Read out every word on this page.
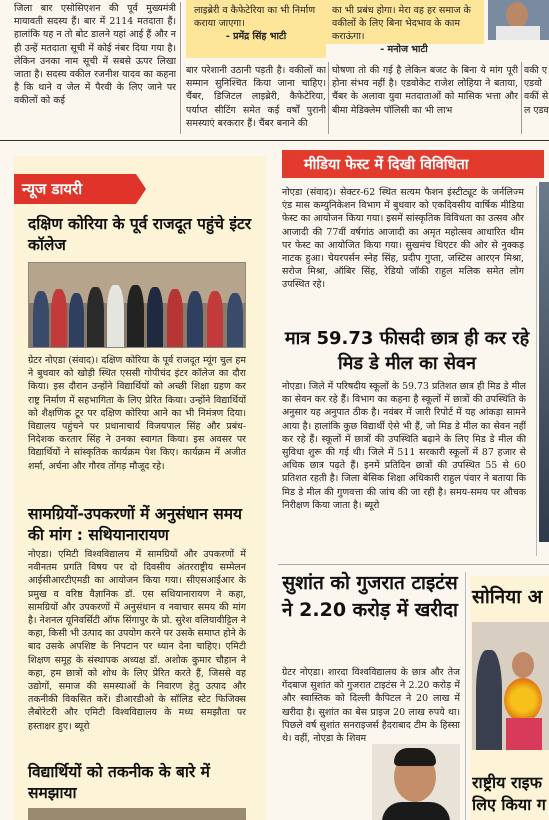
जिला बार एसोसिएशन की पूर्व मुख्यमंत्री मायावती सदस्य हैं। बार में 2114 मतदाता हैं। हालांकि यह न तो बोट डालने यहां आई हैं और न ही उन्हें मतदाता सूची में कोई नंबर दिया गया है। लेकिन उनका नाम सूची में सबसे ऊपर लिखा जाता है। सदस्य वकील रजनीश यादव का कहना है कि थाने व जेल में पैरवी के लिए जाने पर वकीलों को कई
लाइब्रेरी व कैफेटेरिया का भी निर्माण कराया जाएगा।
- प्रमेंद्र सिंह भाटी
का भी प्रबंध होगा। मेरा वह हर समाज के वकीलों के लिए बिना भेदभाव के काम कराऊंगा।
- मनोज भाटी
बार परेशानी उठानी पड़ती है। वकीलों का सम्मान सुनिश्चित किया जाना चाहिए। चैंबर, डिजिटल लाइब्रेरी, कैफेटेरिया, पर्याप्त सीटिंग समेत कई वर्षों पुरानी समस्याएं बरकरार हैं। चैंबर बनाने की
घोषणा तो की गई है लेकिन बजट के बिना ये मांग पूरी होना संभव नहीं है। एडवोकेट राजेश लोहिया ने बताया, चैंबर के अलावा युवा मतदाताओं को मासिक भत्ता और बीमा मेडिक्लेम पॉलिसी का भी लाभ
वकी ए एडवो वकीं से ल एडव
न्यूज डायरी
दक्षिण कोरिया के पूर्व राजदूत पहुंचे इंटर कॉलेज
ग्रेटर नोएडा (संवाद)। दक्षिण कोरिया के पूर्व राजदूत म्यूंग चुल हम ने बुधवार को खोड़ी स्थित एससी गोपीचंद इंटर कॉलेज का दौरा किया। इस दौरान उन्होंने विद्यार्थियों को अच्छी शिक्षा ग्रहण कर राष्ट्र निर्माण में सहभागिता के लिए प्रेरित किया। उन्होंने विद्यार्थियों को शैक्षणिक टूर पर दक्षिण कोरिया आने का भी निमंत्रण दिया। विद्यालय पहुंचने पर प्रधानाचार्य विजयपाल सिंह और प्रबंध-निदेशक करतार सिंह ने उनका स्वागत किया। इस अवसर पर विद्यार्थियों ने सांस्कृतिक कार्यक्रम पेश किए। कार्यक्रम में अजीत शर्मा, अर्चना और गौरव तोंगड़ मौजूद रहे।
सामग्रियों-उपकरणों में अनुसंधान समय की मांग : सथियानारायण
नोएडा। एमिटी विश्वविद्यालय में सामग्रियों और उपकरणों में नवीनतम प्रगति विषय पर दो दिवसीय अंतरराष्ट्रीय सम्मेलन आईसीआरटीएमडी का आयोजन किया गया। सीएसआईआर के प्रमुख व वरिष्ठ वैज्ञानिक डॉ. एस सथियानारायण ने कहा, सामग्रियों और उपकरणों में अनुसंधान व नवाचार समय की मांग है। नेशनल यूनिवर्सिटी ऑफ सिंगापुर के प्रो. सुरेश वलियावीट्टिल ने कहा, किसी भी उत्पाद का उपयोग करने पर उसके समाप्त होने के बाद उसके अपशिष्ट के निपटान पर ध्यान देना चाहिए। एमिटी शिक्षण समूह के संस्थापक अध्यक्ष डॉ. अशोक कुमार चौहान ने कहा, हम छात्रों को शोध के लिए प्रेरित करते हैं, जिससे वह उद्योगों, समाज की समस्याओं के निवारण हेतु उत्पाद और तकनीकी विकसित करें। डीआरडीओ के सॉलिड स्टेट फिजिक्स लैबोरेटरी और एमिटी विश्वविद्यालय के मध्य समझौता पर हस्ताक्षर हुए। ब्यूरो
विद्यार्थियों को तकनीक के बारे में समझाया
मीडिया फेस्ट में दिखी विविधिता
नोएडा (संवाद)। सेक्टर-62 स्थित सत्यम फैशन इंस्टीट्यूट के जर्नलिज्म एंड मास कम्युनिकेशन विभाग में बुधवार को एकदिवसीय वार्षिक मीडिया फेस्ट का आयोजन किया गया। इसमें सांस्कृतिक विविधता का उत्सव और आजादी की 77वीं वर्षगांठ आजादी का अमृत महोत्सव आधारित थीम पर फेस्ट का आयोजित किया गया। सुखमंच थिएटर की ओर से नुक्कड़ नाटक हुआ। चेयरपर्सन स्नेह सिंह, प्रदीप गुप्ता, जस्टिस आरएन मिश्रा, सरोज मिश्रा, ऑबिर सिंह, रेडियो जॉकी राहुल मलिक समेत लोग उपस्थित रहे।
मात्र 59.73 फीसदी छात्र ही कर रहे मिड डे मील का सेवन
नोएडा। जिले में परिषदीय स्कूलों के 59.73 प्रतिशत छात्र ही मिड डे मील का सेवन कर रहे हैं। विभाग का कहना है स्कूलों में छात्रों की उपस्थिति के अनुसार यह अनुपात ठीक है। नवंबर में जारी रिपोर्ट में यह आंकड़ा सामने आया है। हालांकि कुछ विद्यार्थी ऐसे भी हैं, जो मिड डे मील का सेवन नहीं कर रहे हैं। स्कूलों में छात्रों की उपस्थिति बढ़ाने के लिए मिड डे मील की सुविधा शुरू की गई थी। जिले में 511 सरकारी स्कूलों में 87 हजार से अधिक छात्र पढ़ते हैं। इनमें प्रतिदिन छात्रों की उपस्थित 55 से 60 प्रतिशत रहती है। जिला बेसिक शिक्षा अधिकारी राहुल पंवार ने बताया कि मिड डे मील की गुणवत्ता की जांच की जा रही है। समय-समय पर औचक निरीक्षण किया जाता है। ब्यूरो
सुशांत को गुजरात टाइटंस ने 2.20 करोड़ में खरीदा
ग्रेटर नोएडा। शारदा विश्वविद्यालय के छात्र और तेज गेंदबाज सुशांत को गुजरात टाइटंस ने 2.20 करोड़ में और स्वास्तिक को दिल्ली कैपिटल ने 20 लाख में खरीदा है। सुशांत का बेस प्राइज 20 लाख रुपये था। पिछले वर्ष सुशांत सनराइजर्स हैदराबाद टीम के हिस्सा थे। वहीं, नोएडा के शिवम
सोनिया अ
राष्ट्रीय राइफ लिए किया ग
